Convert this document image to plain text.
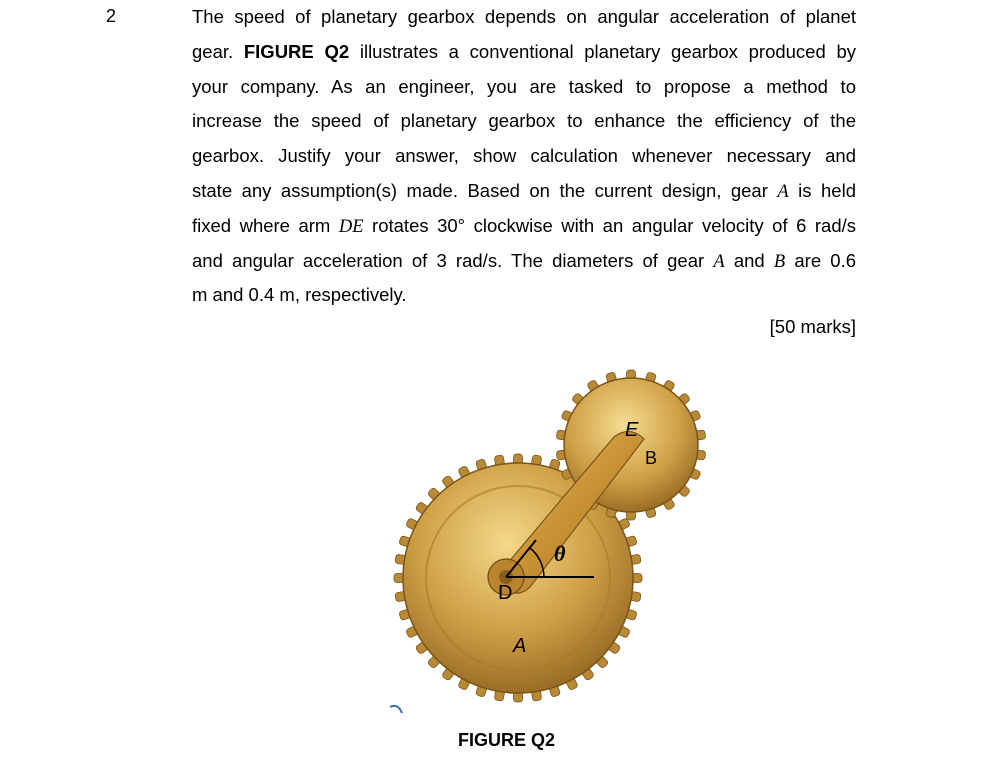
2	The speed of planetary gearbox depends on angular acceleration of planet
gear. FIGURE Q2 illustrates a conventional planetary gearbox produced by
your company. As an engineer, you are tasked to propose a method to
increase the speed of planetary gearbox to enhance the efficiency of the
gearbox. Justify your answer, show calculation whenever necessary and
state any assumption(s) made. Based on the current design, gear A is held
fixed where arm DE rotates 30° clockwise with an angular velocity of 6 rad/s
and angular acceleration of 3 rad/s. The diameters of gear A and B are 0.6
m and 0.4 m, respectively.
[50 marks]
θ
D
A
E
B
FIGURE Q2
